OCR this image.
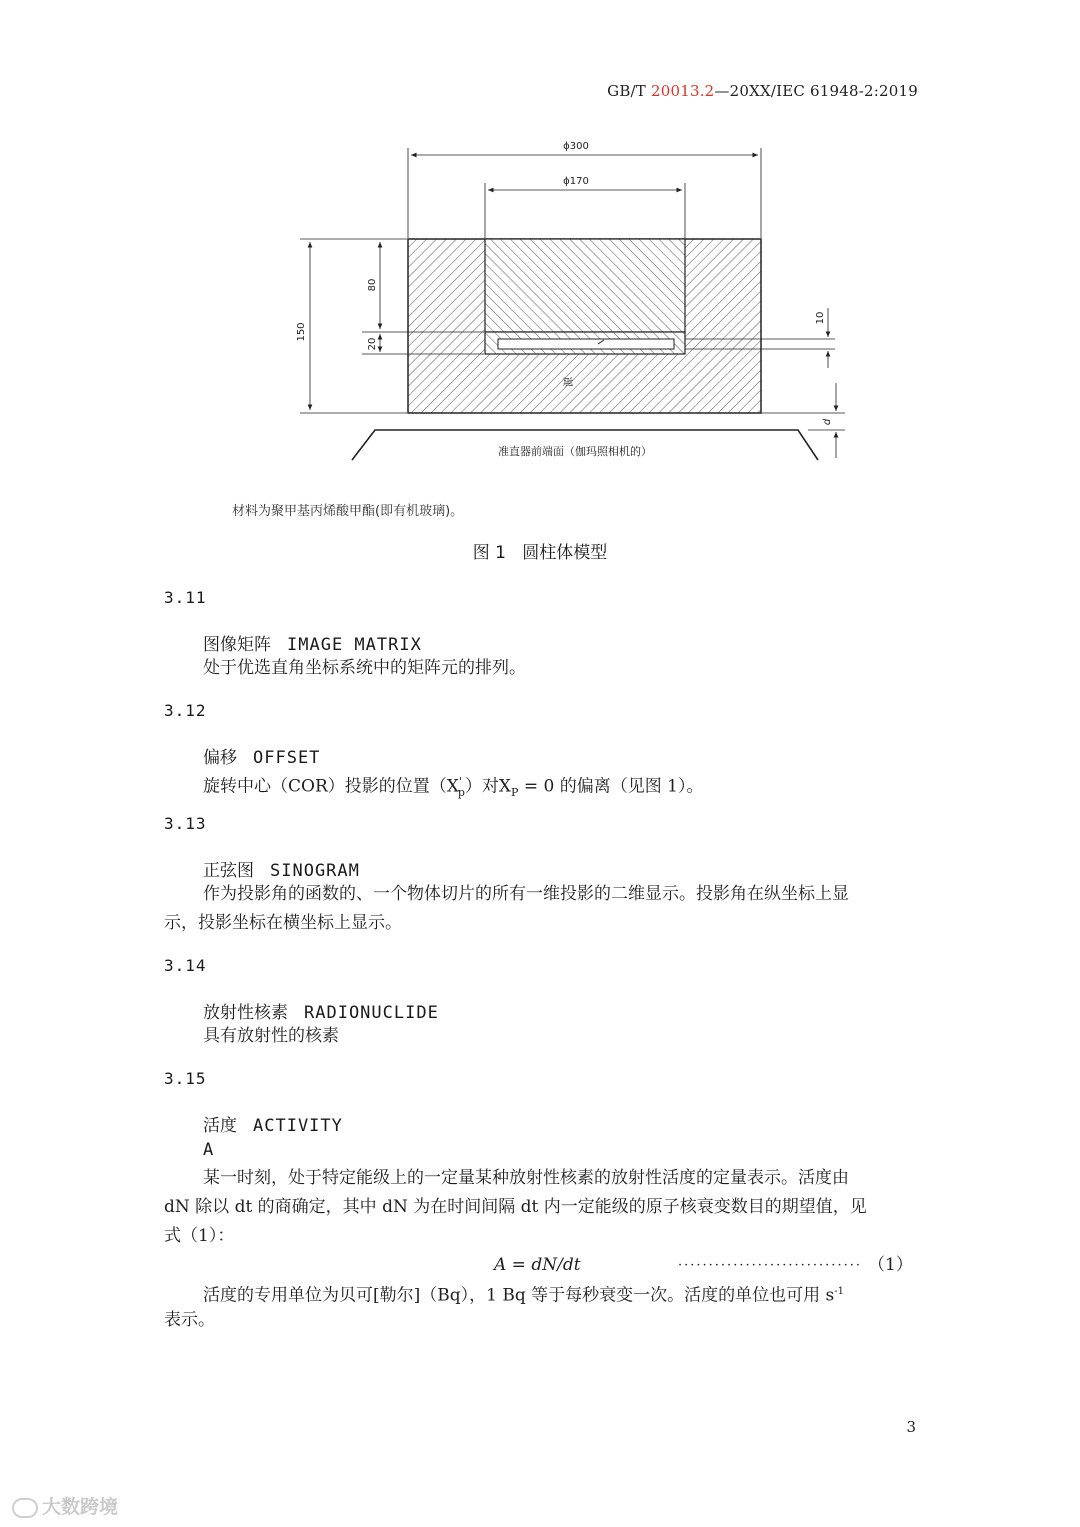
GB/T 20013.2—20XX/IEC 61948-2:2019
ϕ300
ϕ170
150
80
20
10
d
源
准直器前端面（伽玛照相机的）
材料为聚甲基丙烯酸甲酯(即有机玻璃)。
图 1 圆柱体模型
3.11
图像矩阵 IMAGE MATRIX
处于优选直角坐标系统中的矩阵元的排列。
3.12
偏移 OFFSET
旋转中心（COR）投影的位置$(X'_p)$对$X_P = 0$ 的偏离（见图 1）。
3.13
正弦图 SINOGRAM
作为投影角的函数的、一个物体切片的所有一维投影的二维显示。投影角在纵坐标上显
示，投影坐标在横坐标上显示。
3.14
放射性核素 RADIONUCLIDE
具有放射性的核素
3.15
活度 ACTIVITY
A
某一时刻，处于特定能级上的一定量某种放射性核素的放射性活度的定量表示。活度由
dN 除以 dt 的商确定，其中 dN 为在时间间隔 dt 内一定能级的原子核衰变数目的期望值，见
式（1）：
A = dN/dt	······························ （1）
活度的专用单位为贝可[勒尔]（Bq），1 Bq 等于每秒衰变一次。活度的单位也可用 $s^{-1}$
表示。
3
大数跨境
